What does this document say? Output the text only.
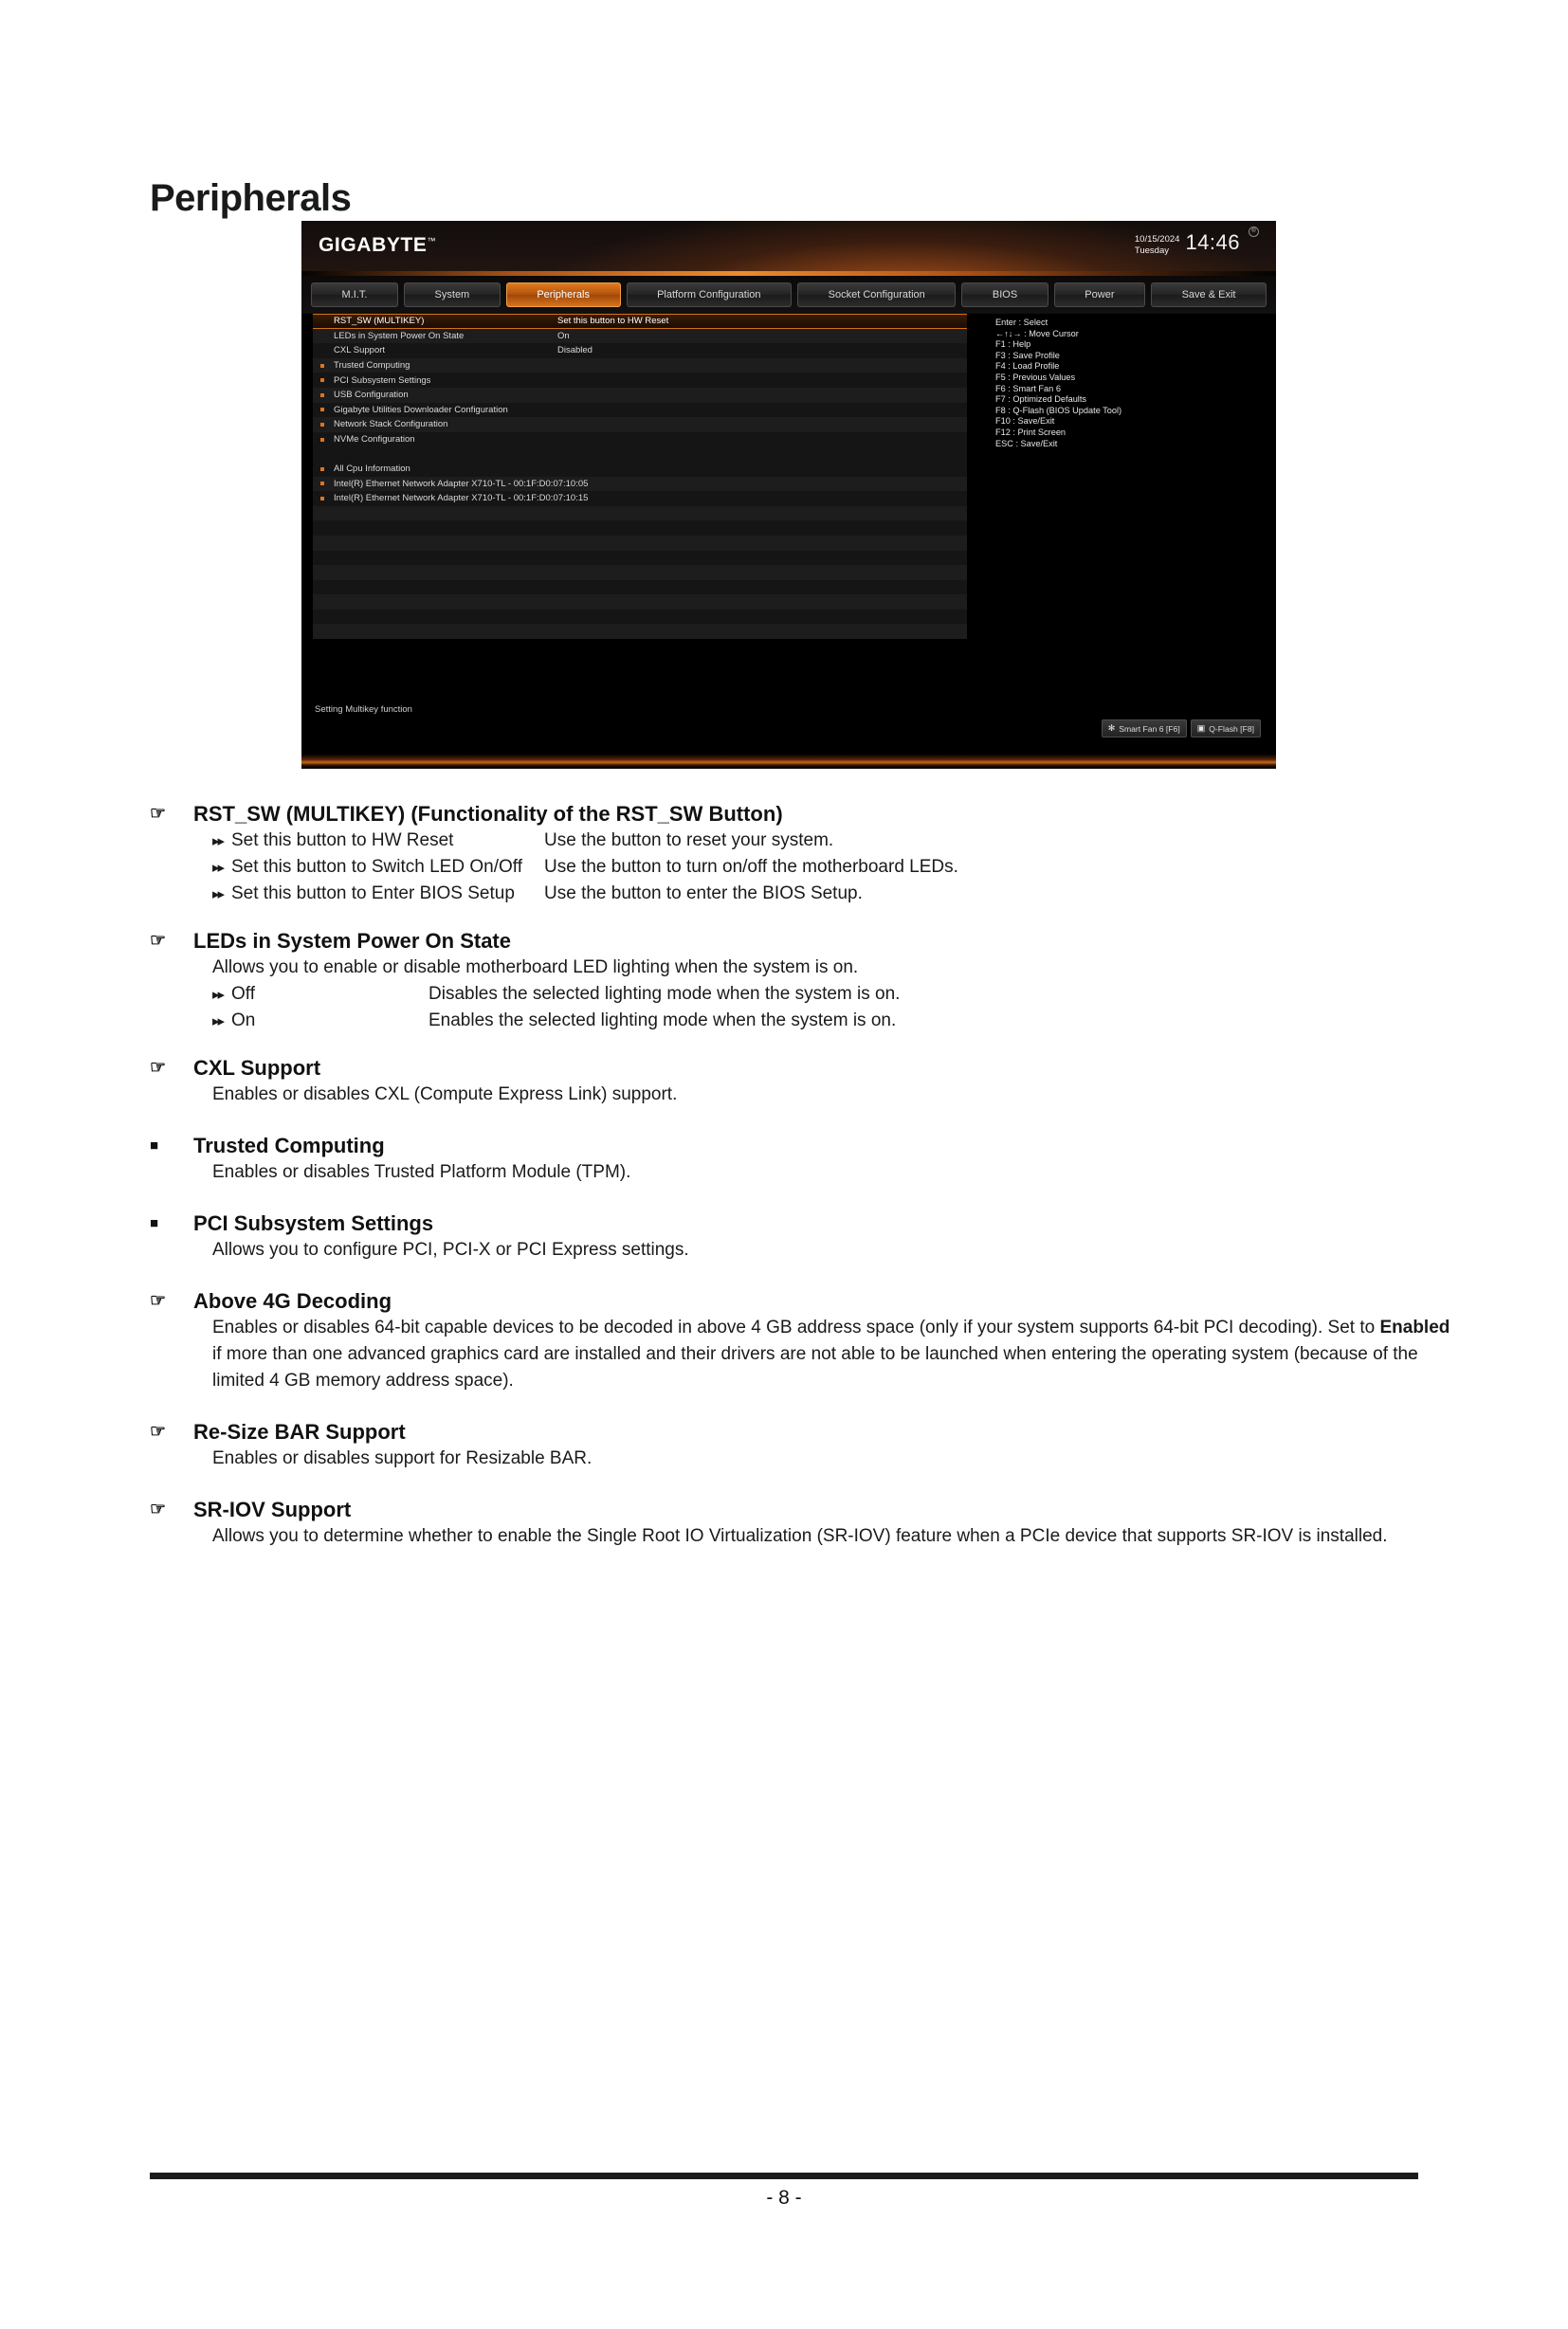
Peripherals
GIGABYTE™	10/15/2024
Tuesday 14:46	®
M.I.T.	System	Peripherals	Platform Configuration	Socket Configuration	BIOS	Power	Save & Exit
RST_SW (MULTIKEY)	Set this button to HW Reset
LEDs in System Power On State	On
CXL Support	Disabled
Trusted Computing
PCI Subsystem Settings
USB Configuration
Gigabyte Utilities Downloader Configuration
Network Stack Configuration
NVMe Configuration
All Cpu Information
Intel(R) Ethernet Network Adapter X710-TL - 00:1F:D0:07:10:05
Intel(R) Ethernet Network Adapter X710-TL - 00:1F:D0:07:10:15
Enter : Select
←↑↓→ : Move Cursor
F1 : Help
F3 : Save Profile
F4 : Load Profile
F5 : Previous Values
F6 : Smart Fan 6
F7 : Optimized Defaults
F8 : Q-Flash (BIOS Update Tool)
F10 : Save/Exit
F12 : Print Screen
ESC : Save/Exit
Setting Multikey function
✻ Smart Fan 6 [F6] ▣ Q-Flash [F8]
☞	RST_SW (MULTIKEY) (Functionality of the RST_SW Button)
▸▸ Set this button to HW Reset	Use the button to reset your system.
▸▸ Set this button to Switch LED On/Off	Use the button to turn on/off the motherboard LEDs.
▸▸ Set this button to Enter BIOS Setup	Use the button to enter the BIOS Setup.
☞	LEDs in System Power On State
Allows you to enable or disable motherboard LED lighting when the system is on.
▸▸ Off	Disables the selected lighting mode when the system is on.
▸▸ On	Enables the selected lighting mode when the system is on.
☞	CXL Support
Enables or disables CXL (Compute Express Link) support.
■	Trusted Computing
Enables or disables Trusted Platform Module (TPM).
■	PCI Subsystem Settings
Allows you to configure PCI, PCI-X or PCI Express settings.
☞	Above 4G Decoding
Enables or disables 64-bit capable devices to be decoded in above 4 GB address space (only if your system supports 64-bit PCI decoding). Set to Enabled if more than one advanced graphics card are installed and their drivers are not able to be launched when entering the operating system (because of the limited 4 GB memory address space).
☞	Re-Size BAR Support
Enables or disables support for Resizable BAR.
☞	SR-IOV Support
Allows you to determine whether to enable the Single Root IO Virtualization (SR-IOV) feature when a PCIe device that supports SR-IOV is installed.
- 8 -
